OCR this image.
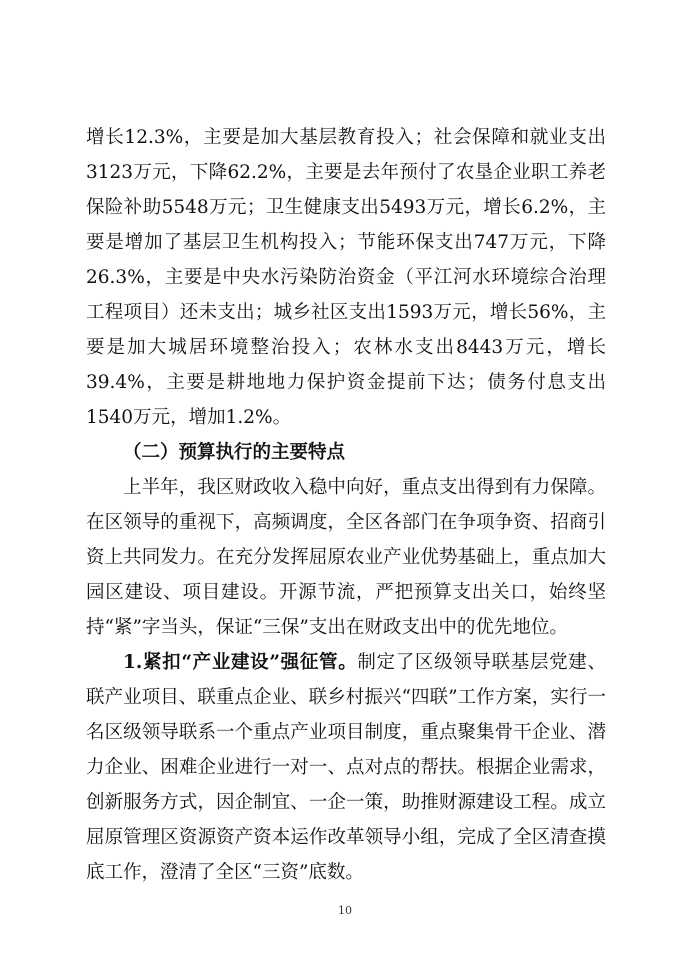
增长12.3%，主要是加大基层教育投入；社会保障和就业支出3123万元，下降62.2%，主要是去年预付了农垦企业职工养老保险补助5548万元；卫生健康支出5493万元，增长6.2%，主要是增加了基层卫生机构投入；节能环保支出747万元，下降26.3%，主要是中央水污染防治资金（平江河水环境综合治理工程项目）还未支出；城乡社区支出1593万元，增长56%，主要是加大城居环境整治投入；农林水支出8443万元，增长39.4%，主要是耕地地力保护资金提前下达；债务付息支出1540万元，增加1.2%。

（二）预算执行的主要特点

上半年，我区财政收入稳中向好，重点支出得到有力保障。在区领导的重视下，高频调度，全区各部门在争项争资、招商引资上共同发力。在充分发挥屈原农业产业优势基础上，重点加大园区建设、项目建设。开源节流，严把预算支出关口，始终坚持“紧”字当头，保证“三保”支出在财政支出中的优先地位。

1.紧扣“产业建设”强征管。制定了区级领导联基层党建、联产业项目、联重点企业、联乡村振兴“四联”工作方案，实行一名区级领导联系一个重点产业项目制度，重点聚集骨干企业、潜力企业、困难企业进行一对一、点对点的帮扶。根据企业需求，创新服务方式，因企制宜、一企一策，助推财源建设工程。成立屈原管理区资源资产资本运作改革领导小组，完成了全区清查摸底工作，澄清了全区“三资”底数。

10
